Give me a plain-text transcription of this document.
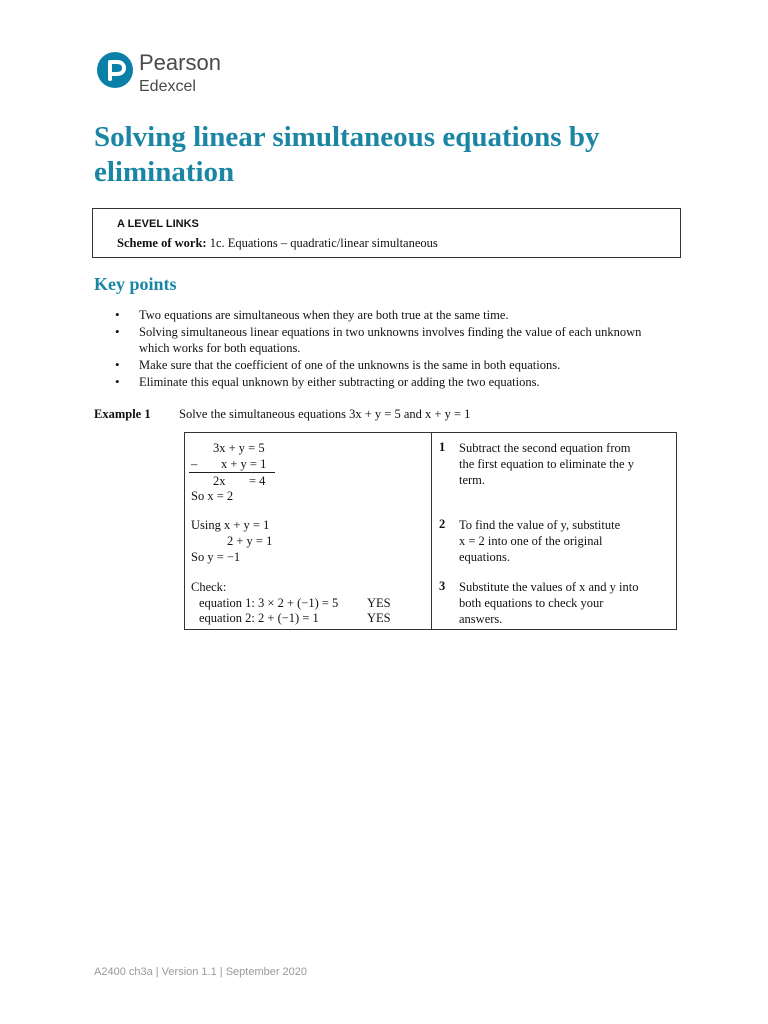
Pearson
Edexcel
Solving linear simultaneous equations by elimination
A LEVEL LINKS
Scheme of work: 1c. Equations – quadratic/linear simultaneous
Key points
• Two equations are simultaneous when they are both true at the same time.
• Solving simultaneous linear equations in two unknowns involves finding the value of each unknown which works for both equations.
• Make sure that the coefficient of one of the unknowns is the same in both equations.
• Eliminate this equal unknown by either subtracting or adding the two equations.
Example 1 Solve the simultaneous equations 3x + y = 5 and x + y = 1
3x + y = 5
– x + y = 1
2x = 4
So x = 2
Using x + y = 1
2 + y = 1
So y = −1
Check:
equation 1: 3 × 2 + (−1) = 5 YES
equation 2: 2 + (−1) = 1	YES
1 Subtract the second equation from
the first equation to eliminate the y
term.
2 To find the value of y, substitute
x = 2 into one of the original
equations.
3 Substitute the values of x and y into
both equations to check your
answers.
A2400 ch3a | Version 1.1 | September 2020
